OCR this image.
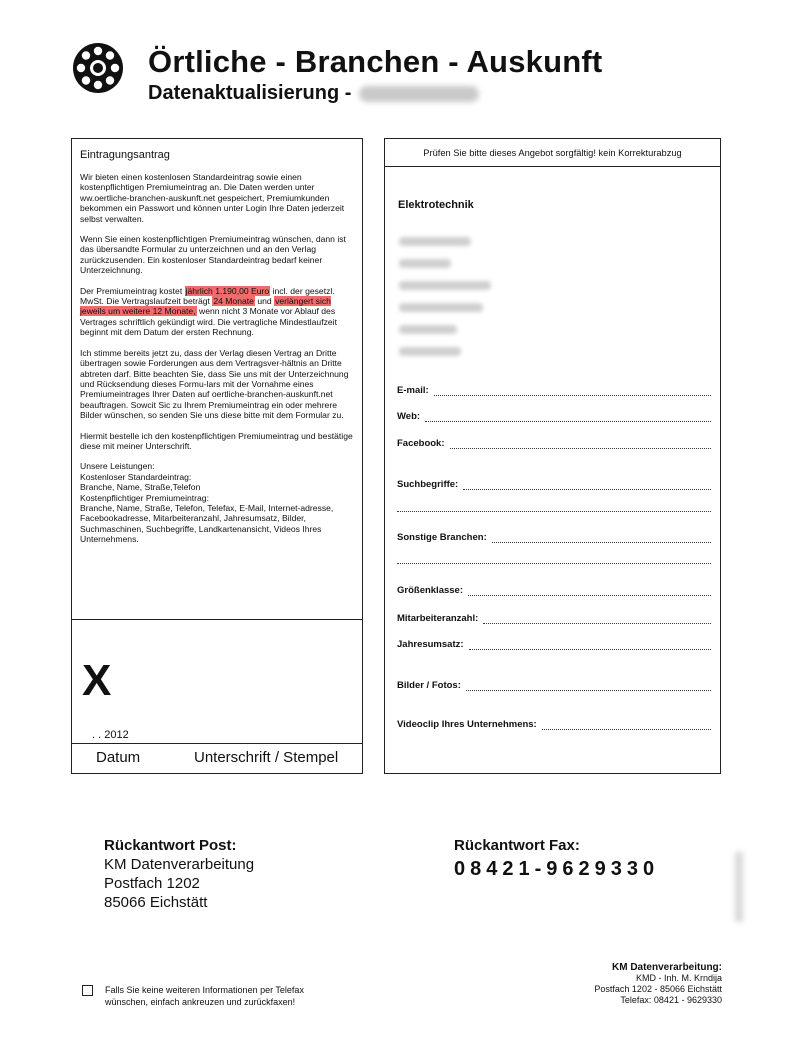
Örtliche - Branchen - Auskunft
Datenaktualisierung -
Eintragungsantrag

Wir bieten einen kostenlosen Standardeintrag sowie einen kostenpflichtigen Premiumeintrag an. Die Daten werden unter ww.oertliche-branchen-auskunft.net gespeichert, Premiumkunden bekommen ein Passwort und können unter Login Ihre Daten jederzeit selbst verwalten.

Wenn Sie einen kostenpflichtigen Premiumeintrag wünschen, dann ist das übersandte Formular zu unterzeichnen und an den Verlag zurückzusenden. Ein kostenloser Standardeintrag bedarf keiner Unterzeichnung.

Der Premiumeintrag kostet jährlich 1.190,00 Euro incl. der gesetzl. MwSt. Die Vertragslaufzeit beträgt 24 Monate und verlängert sich jeweils um weitere 12 Monate, wenn nicht 3 Monate vor Ablauf des Vertrages schriftlich gekündigt wird. Die vertragliche Mindestlaufzeit beginnt mit dem Datum der ersten Rechnung.

Ich stimme bereits jetzt zu, dass der Verlag diesen Vertrag an Dritte übertragen sowie Forderungen aus dem Vertragsver-hältnis an Dritte abtreten darf. Bitte beachten Sie, dass Sie uns mit der Unterzeichnung und Rücksendung dieses Formu-lars mit der Vornahme eines Premiumeintrages Ihrer Daten auf oertliche-branchen-auskunft.net beauftragen. Sowcit Sic zu Ihrem Premiumeintrag ein oder mehrere Bilder wünschen, so senden Sie uns diese bitte mit dem Formular zu.

Hiermit bestelle ich den kostenpflichtigen Premiumeintrag und bestätige diese mit meiner Unterschrift.

Unsere Leistungen:
Kostenloser Standardeintrag:
Branche, Name, Straße,Telefon
Kostenpflichtiger Premiumeintrag:
Branche, Name, Straße, Telefon, Telefax, E-Mail, Internet-adresse, Facebookadresse, Mitarbeiteranzahl, Jahresumsatz, Bilder, Suchmaschinen, Suchbegriffe, Landkartenansicht, Videos Ihres Unternehmens.
X
. . 2012
Datum	Unterschrift / Stempel
Prüfen Sie bitte dieses Angebot sorgfältig! kein Korrekturabzug
Elektrotechnik
E-mail:
Web:
Facebook:
Suchbegriffe:
Sonstige Branchen:
Größenklasse:
Mitarbeiteranzahl:
Jahresumsatz:
Bilder / Fotos:
Videoclip Ihres Unternehmens:
Rückantwort Post:
KM Datenverarbeitung
Postfach 1202
85066 Eichstätt
Rückantwort Fax:
08421-9629330
Falls Sie keine weiteren Informationen per Telefax
wünschen, einfach ankreuzen und zurückfaxen!
KM Datenverarbeitung:
KMD - Inh. M. Krndija
Postfach 1202 - 85066 Eichstätt
Telefax: 08421 - 9629330
